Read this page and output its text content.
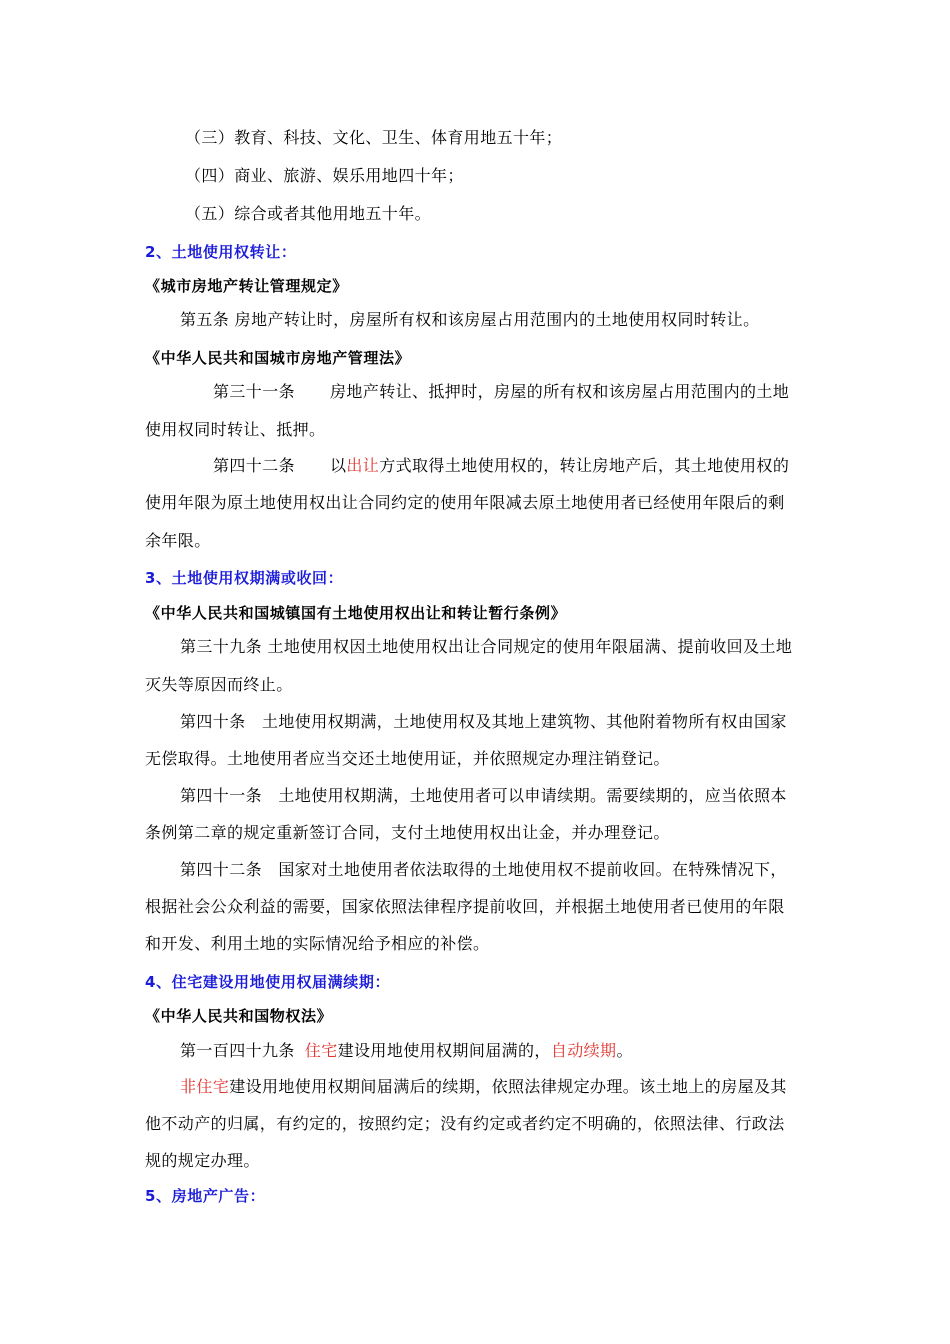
（三）教育、科技、文化、卫生、体育用地五十年；
（四）商业、旅游、娱乐用地四十年；
（五）综合或者其他用地五十年。
2、土地使用权转让：
《城市房地产转让管理规定》
第五条 房地产转让时，房屋所有权和该房屋占用范围内的土地使用权同时转让。
《中华人民共和国城市房地产管理法》
第三十一条 房地产转让、抵押时，房屋的所有权和该房屋占用范围内的土地
使用权同时转让、抵押。
第四十二条 以出让方式取得土地使用权的，转让房地产后，其土地使用权的
使用年限为原土地使用权出让合同约定的使用年限减去原土地使用者已经使用年限后的剩
余年限。
3、土地使用权期满或收回：
《中华人民共和国城镇国有土地使用权出让和转让暂行条例》
第三十九条 土地使用权因土地使用权出让合同规定的使用年限届满、提前收回及土地
灭失等原因而终止。
第四十条　土地使用权期满，土地使用权及其地上建筑物、其他附着物所有权由国家
无偿取得。土地使用者应当交还土地使用证，并依照规定办理注销登记。
第四十一条　土地使用权期满，土地使用者可以申请续期。需要续期的，应当依照本
条例第二章的规定重新签订合同，支付土地使用权出让金，并办理登记。
第四十二条　国家对土地使用者依法取得的土地使用权不提前收回。在特殊情况下，
根据社会公众利益的需要，国家依照法律程序提前收回，并根据土地使用者已使用的年限
和开发、利用土地的实际情况给予相应的补偿。
4、住宅建设用地使用权届满续期：
《中华人民共和国物权法》
第一百四十九条 住宅建设用地使用权期间届满的，自动续期。
非住宅建设用地使用权期间届满后的续期，依照法律规定办理。该土地上的房屋及其
他不动产的归属，有约定的，按照约定；没有约定或者约定不明确的，依照法律、行政法
规的规定办理。
5、房地产广告：
